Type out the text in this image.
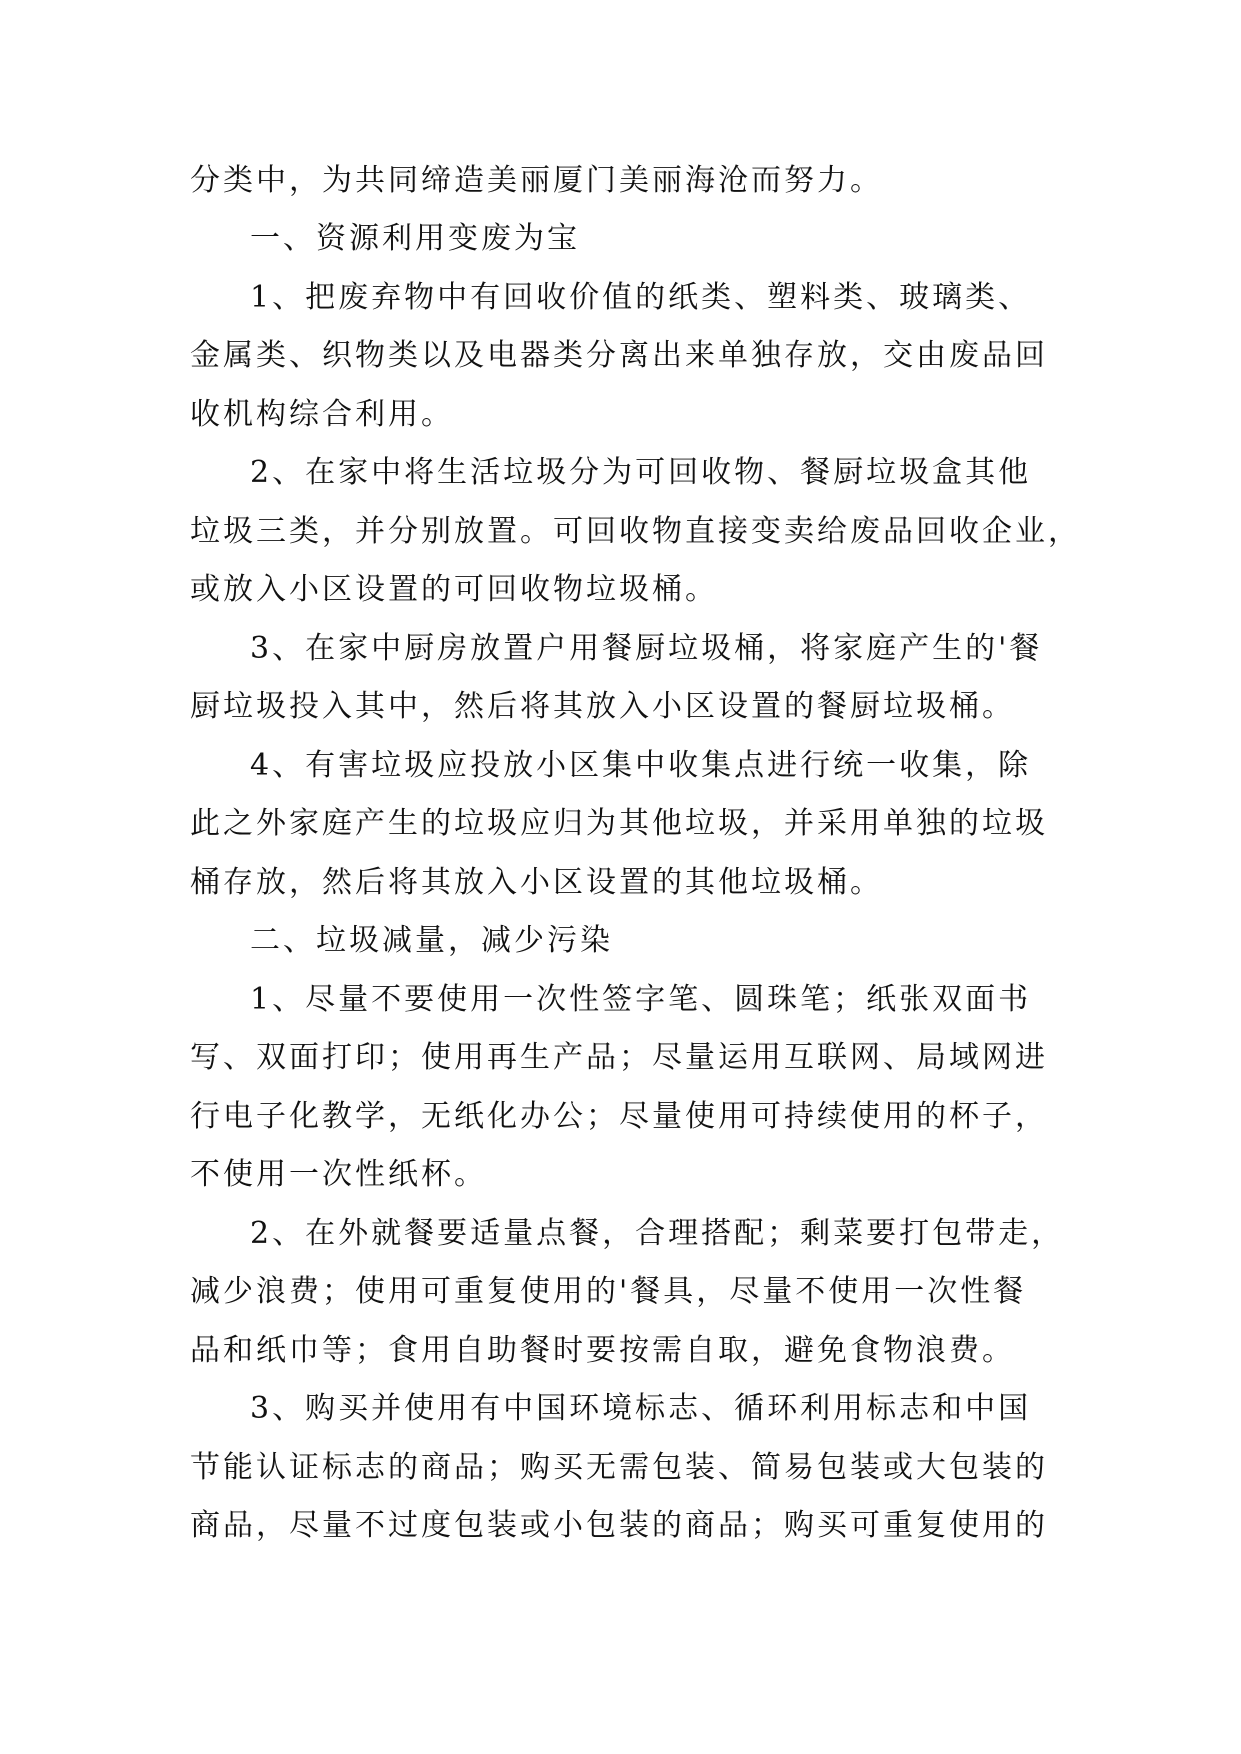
分类中，为共同缔造美丽厦门美丽海沧而努力。
一、资源利用变废为宝
1、把废弃物中有回收价值的纸类、塑料类、玻璃类、
金属类、织物类以及电器类分离出来单独存放，交由废品回
收机构综合利用。
2、在家中将生活垃圾分为可回收物、餐厨垃圾盒其他
垃圾三类，并分别放置。可回收物直接变卖给废品回收企业，
或放入小区设置的可回收物垃圾桶。
3、在家中厨房放置户用餐厨垃圾桶，将家庭产生的'餐
厨垃圾投入其中，然后将其放入小区设置的餐厨垃圾桶。
4、有害垃圾应投放小区集中收集点进行统一收集，除
此之外家庭产生的垃圾应归为其他垃圾，并采用单独的垃圾
桶存放，然后将其放入小区设置的其他垃圾桶。
二、垃圾减量，减少污染
1、尽量不要使用一次性签字笔、圆珠笔；纸张双面书
写、双面打印；使用再生产品；尽量运用互联网、局域网进
行电子化教学，无纸化办公；尽量使用可持续使用的杯子，
不使用一次性纸杯。
2、在外就餐要适量点餐，合理搭配；剩菜要打包带走，
减少浪费；使用可重复使用的'餐具，尽量不使用一次性餐
品和纸巾等；食用自助餐时要按需自取，避免食物浪费。
3、购买并使用有中国环境标志、循环利用标志和中国
节能认证标志的商品；购买无需包装、简易包装或大包装的
商品，尽量不过度包装或小包装的商品；购买可重复使用的
